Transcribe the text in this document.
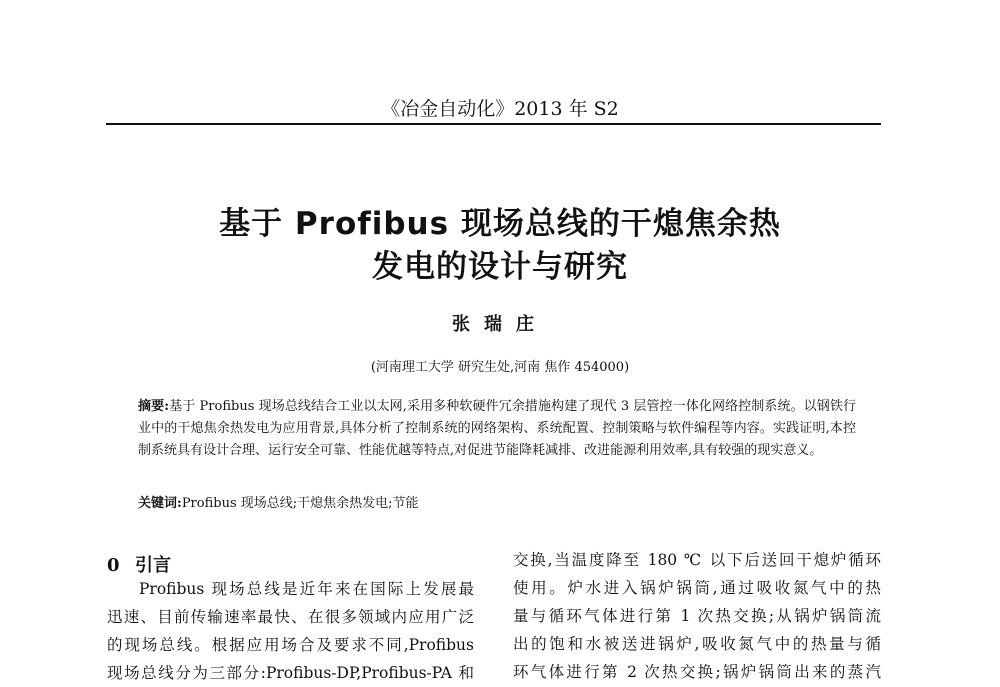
《冶金自动化》2013 年 S2
基于 Profibus 现场总线的干熄焦余热
发电的设计与研究
张瑞庄
(河南理工大学 研究生处,河南 焦作 454000)
摘要:基于 Profibus 现场总线结合工业以太网,采用多种软硬件冗余措施构建了现代 3 层管控一体化网络控制系统。以钢铁行业中的干熄焦余热发电为应用背景,具体分析了控制系统的网络架构、系统配置、控制策略与软件编程等内容。实践证明,本控制系统具有设计合理、运行安全可靠、性能优越等特点,对促进节能降耗减排、改进能源利用效率,具有较强的现实意义。
关键词:Profibus 现场总线;干熄焦余热发电;节能
0 引言
Profibus 现场总线是近年来在国际上发展最
迅速、目前传输速率最快、在很多领域内应用广泛
的现场总线。根据应用场合及要求不同,Profibus
现场总线分为三部分:Profibus-DP,Profibus-PA 和
交换,当温度降至 180 ℃ 以下后送回干熄炉循环
使用。炉水进入锅炉锅筒,通过吸收氮气中的热
量与循环气体进行第 1 次热交换;从锅炉锅筒流
出的饱和水被送进锅炉,吸收氮气中的热量与循
环气体进行第 2 次热交换;锅炉锅筒出来的蒸汽
